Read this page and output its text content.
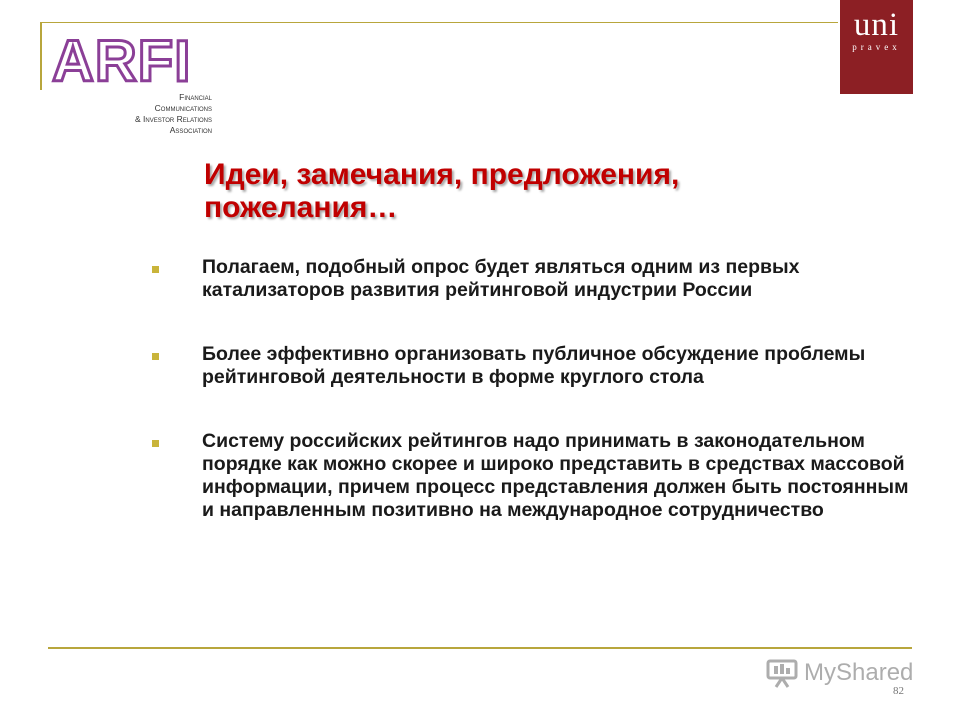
ARFI
Financial
Communications
& Investor Relations
Association
uni
pravex
Идеи, замечания, предложения, пожелания…
Полагаем, подобный опрос будет являться одним из первых катализаторов развития рейтинговой индустрии России
Более эффективно организовать публичное обсуждение проблемы рейтинговой деятельности в форме круглого стола
Систему российских рейтингов надо принимать в законодательном порядке как можно скорее и широко представить в средствах массовой информации, причем процесс представления должен быть постоянным и направленным позитивно на международное сотрудничество
MyShared
82
